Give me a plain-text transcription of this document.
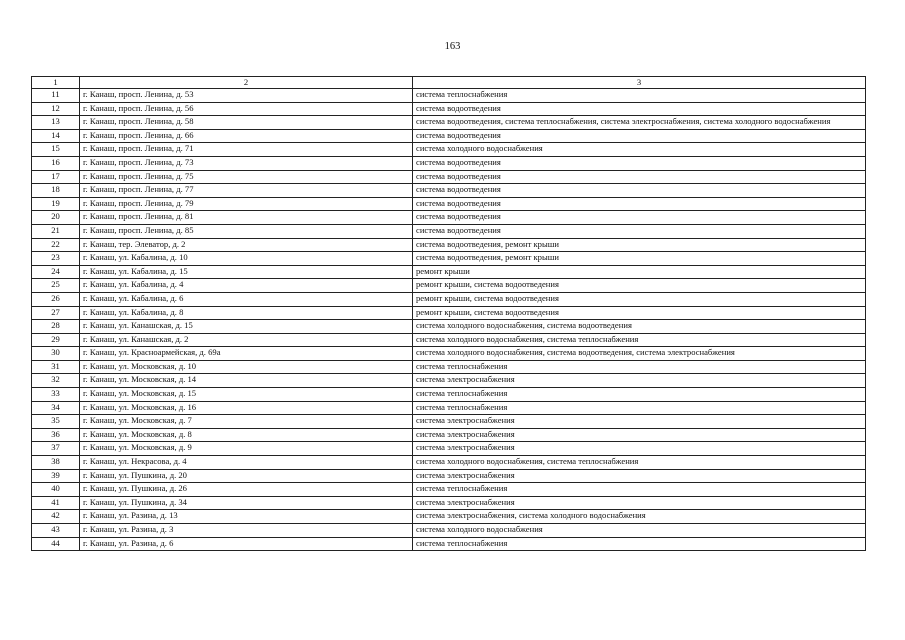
163
1	2	3
11	г. Канаш, просп. Ленина, д. 53	система теплоснабжения
12	г. Канаш, просп. Ленина, д. 56	система водоотведения
13	г. Канаш, просп. Ленина, д. 58	система водоотведения, система теплоснабжения, система электроснабжения, система холодного водоснабжения
14	г. Канаш, просп. Ленина, д. 66	система водоотведения
15	г. Канаш, просп. Ленина, д. 71	система холодного водоснабжения
16	г. Канаш, просп. Ленина, д. 73	система водоотведения
17	г. Канаш, просп. Ленина, д. 75	система водоотведения
18	г. Канаш, просп. Ленина, д. 77	система водоотведения
19	г. Канаш, просп. Ленина, д. 79	система водоотведения
20	г. Канаш, просп. Ленина, д. 81	система водоотведения
21	г. Канаш, просп. Ленина, д. 85	система водоотведения
22	г. Канаш, тер. Элеватор, д. 2	система водоотведения, ремонт крыши
23	г. Канаш, ул. Кабалина, д. 10	система водоотведения, ремонт крыши
24	г. Канаш, ул. Кабалина, д. 15	ремонт крыши
25	г. Канаш, ул. Кабалина, д. 4	ремонт крыши, система водоотведения
26	г. Канаш, ул. Кабалина, д. 6	ремонт крыши, система водоотведения
27	г. Канаш, ул. Кабалина, д. 8	ремонт крыши, система водоотведения
28	г. Канаш, ул. Канашская, д. 15	система холодного водоснабжения, система водоотведения
29	г. Канаш, ул. Канашская, д. 2	система холодного водоснабжения, система теплоснабжения
30	г. Канаш, ул. Красноармейская, д. 69а	система холодного водоснабжения, система водоотведения, система электроснабжения
31	г. Канаш, ул. Московская, д. 10	система теплоснабжения
32	г. Канаш, ул. Московская, д. 14	система электроснабжения
33	г. Канаш, ул. Московская, д. 15	система теплоснабжения
34	г. Канаш, ул. Московская, д. 16	система теплоснабжения
35	г. Канаш, ул. Московская, д. 7	система электроснабжения
36	г. Канаш, ул. Московская, д. 8	система электроснабжения
37	г. Канаш, ул. Московская, д. 9	система электроснабжения
38	г. Канаш, ул. Некрасова, д. 4	система холодного водоснабжения, система теплоснабжения
39	г. Канаш, ул. Пушкина, д. 20	система электроснабжения
40	г. Канаш, ул. Пушкина, д. 26	система теплоснабжения
41	г. Канаш, ул. Пушкина, д. 34	система электроснабжения
42	г. Канаш, ул. Разина, д. 13	система электроснабжения, система холодного водоснабжения
43	г. Канаш, ул. Разина, д. 3	система холодного водоснабжения
44	г. Канаш, ул. Разина, д. 6	система теплоснабжения
